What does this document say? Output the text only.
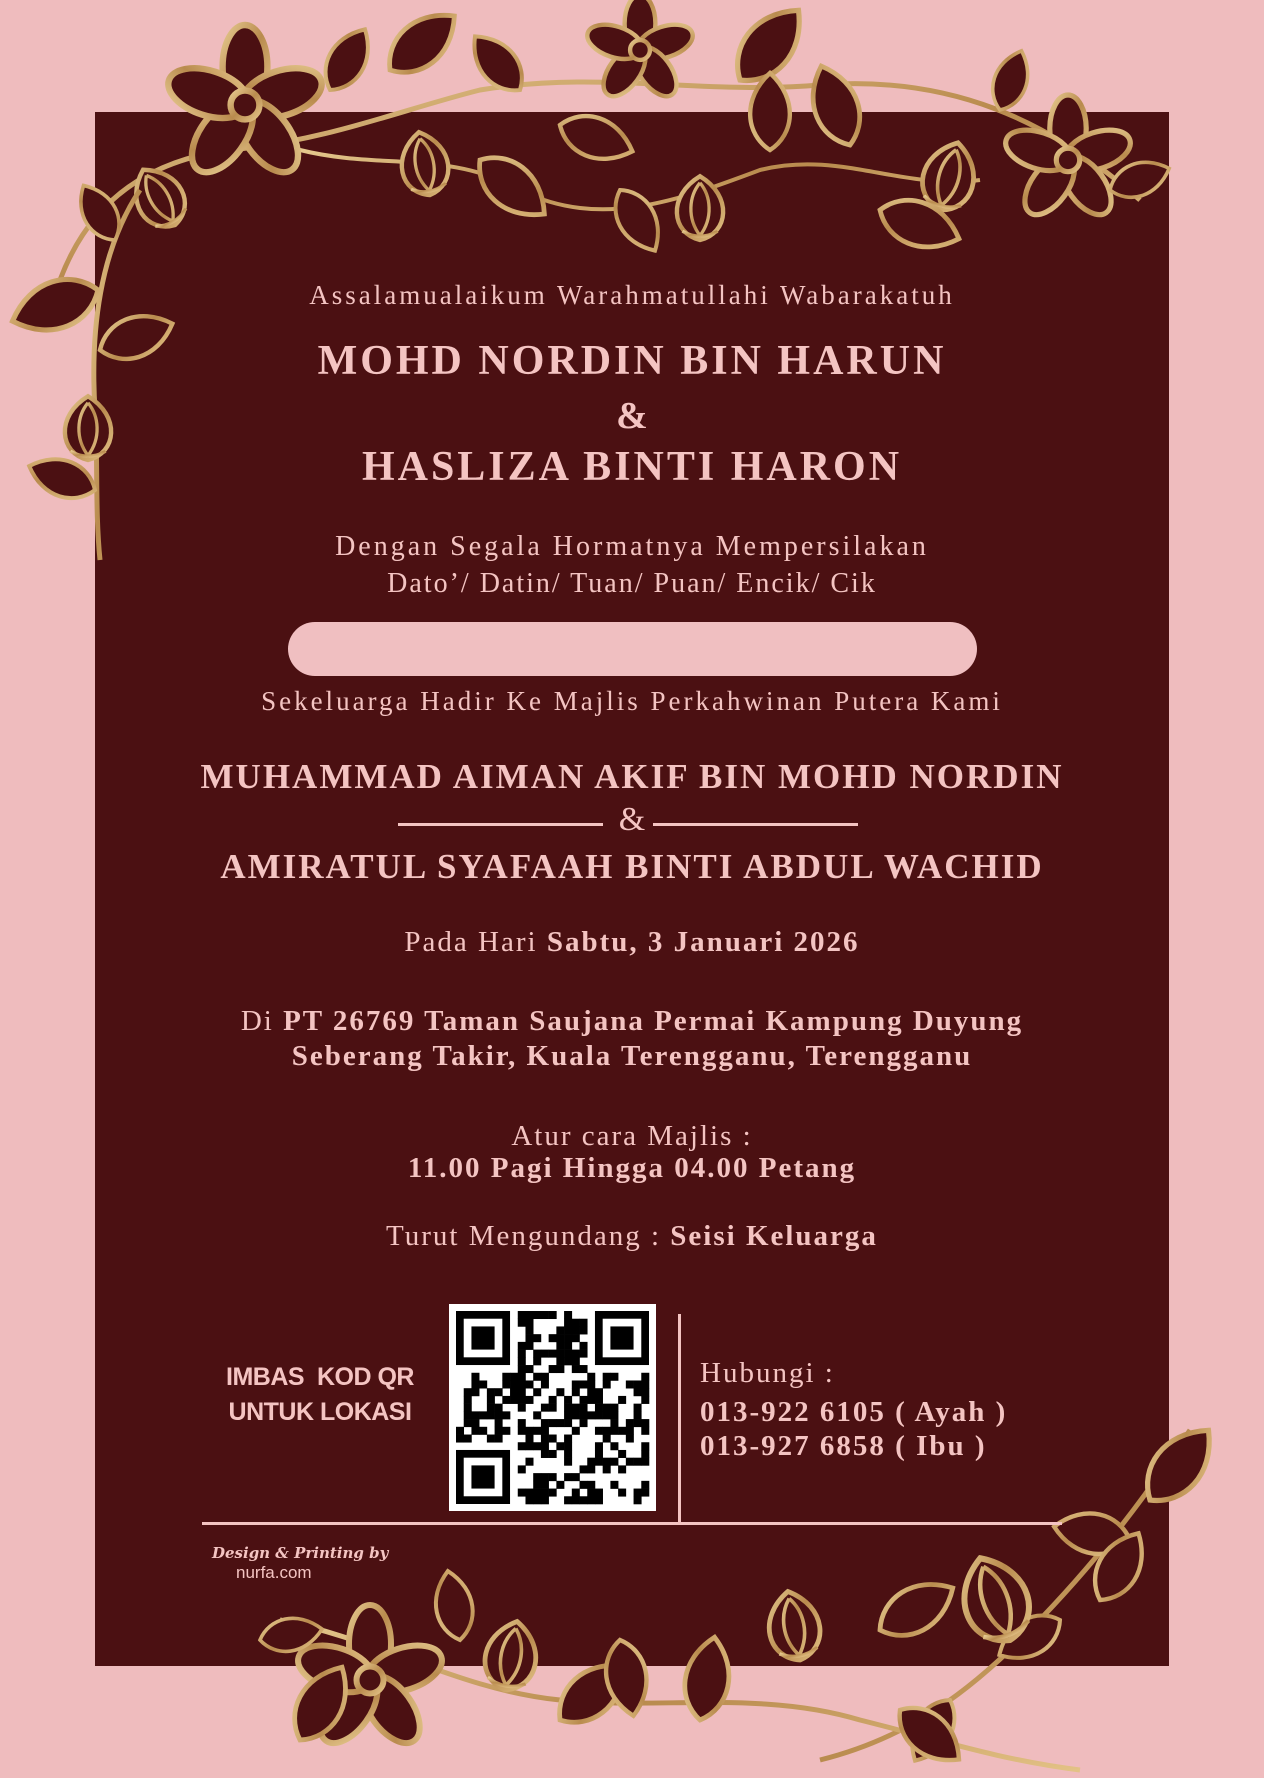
Assalamualaikum Warahmatullahi Wabarakatuh
MOHD NORDIN BIN HARUN
&
HASLIZA BINTI HARON
Dengan Segala Hormatnya Mempersilakan
Dato’/ Datin/ Tuan/ Puan/ Encik/ Cik
Sekeluarga Hadir Ke Majlis Perkahwinan Putera Kami
MUHAMMAD AIMAN AKIF BIN MOHD NORDIN
&
AMIRATUL SYAFAAH BINTI ABDUL WACHID
Pada Hari Sabtu, 3 Januari 2026
Di PT 26769 Taman Saujana Permai Kampung Duyung
Seberang Takir, Kuala Terengganu, Terengganu
Atur cara Majlis :
11.00 Pagi Hingga 04.00 Petang
Turut Mengundang : Seisi Keluarga
IMBAS  KOD QR
UNTUK LOKASI
Hubungi :
013-922 6105 ( Ayah )
013-927 6858 ( Ibu )
Design & Printing by
nurfa.com
